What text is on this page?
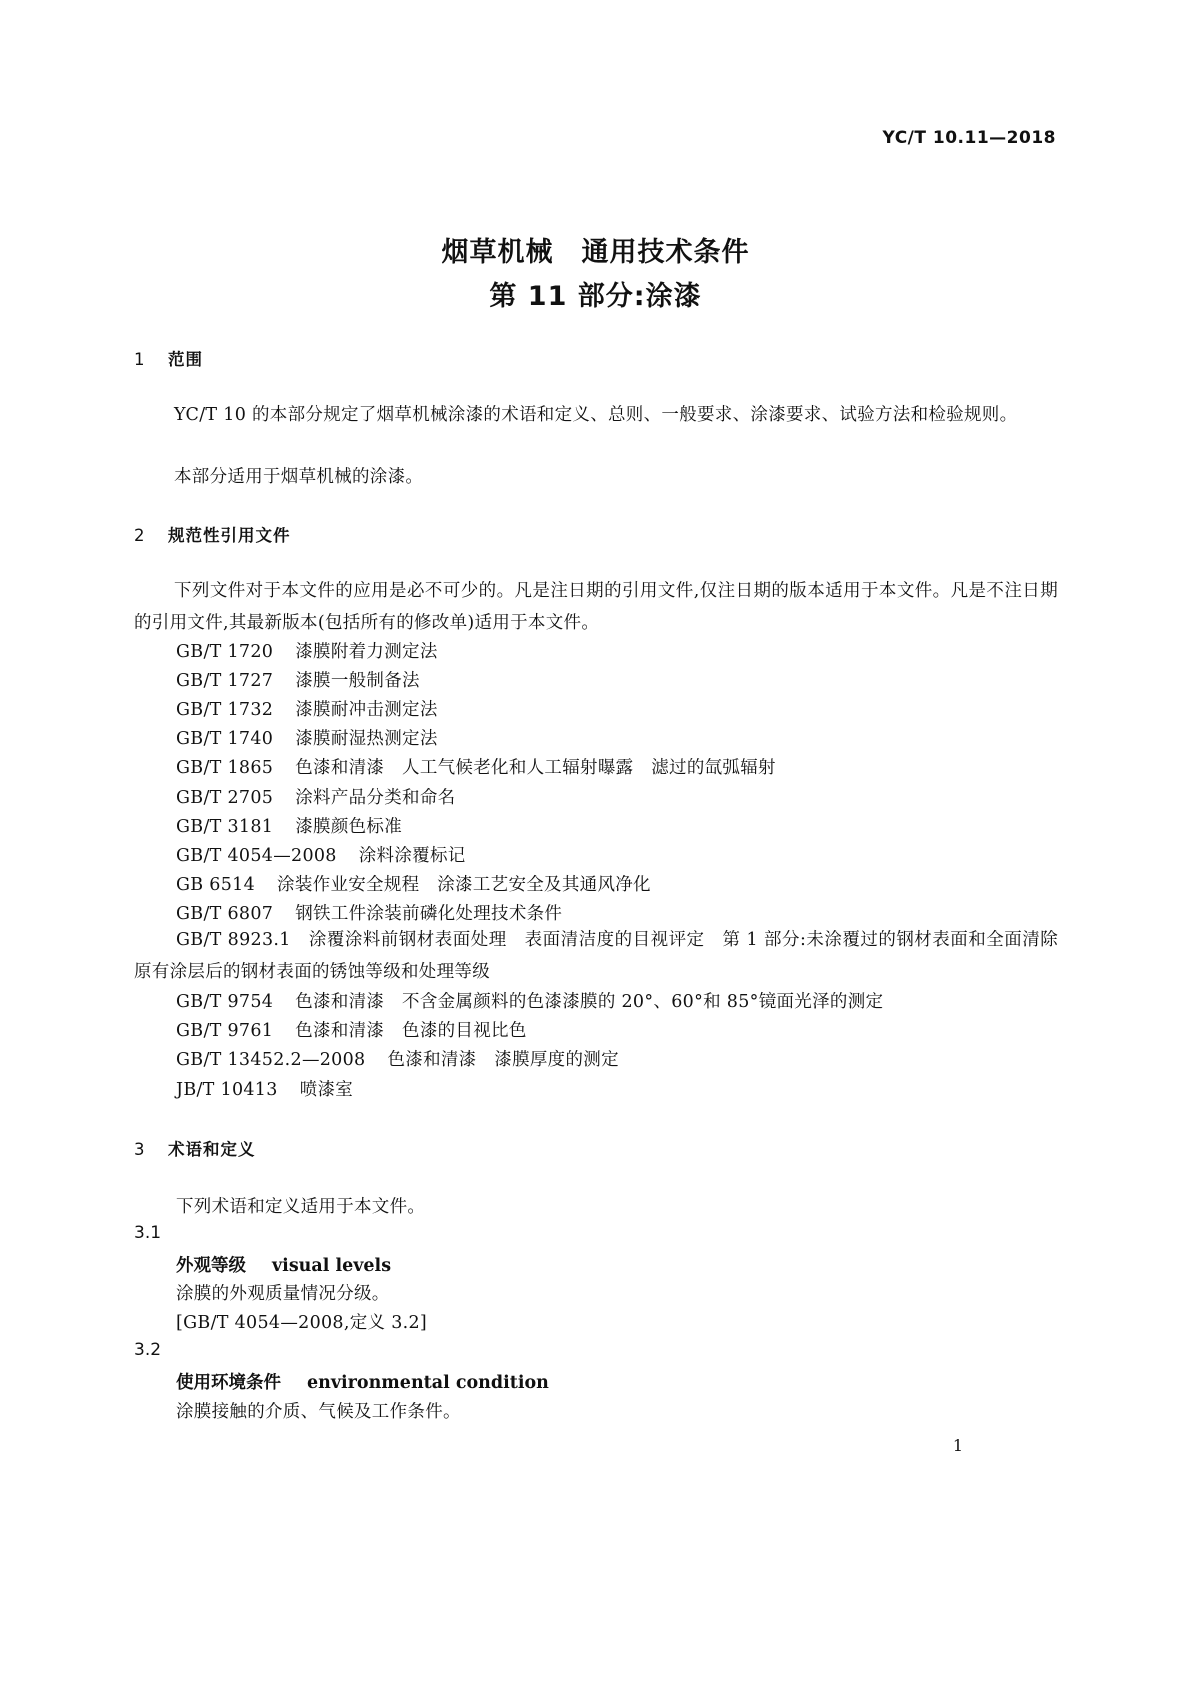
YC/T 10.11—2018
烟草机械　通用技术条件
第 11 部分:涂漆
1 范围
YC/T 10 的本部分规定了烟草机械涂漆的术语和定义、总则、一般要求、涂漆要求、试验方法和检验规则。
本部分适用于烟草机械的涂漆。
2 规范性引用文件
下列文件对于本文件的应用是必不可少的。凡是注日期的引用文件,仅注日期的版本适用于本文件。凡是不注日期的引用文件,其最新版本(包括所有的修改单)适用于本文件。
GB/T 1720 漆膜附着力测定法
GB/T 1727 漆膜一般制备法
GB/T 1732 漆膜耐冲击测定法
GB/T 1740 漆膜耐湿热测定法
GB/T 1865 色漆和清漆　人工气候老化和人工辐射曝露　滤过的氙弧辐射
GB/T 2705 涂料产品分类和命名
GB/T 3181 漆膜颜色标准
GB/T 4054—2008 涂料涂覆标记
GB 6514 涂装作业安全规程　涂漆工艺安全及其通风净化
GB/T 6807 钢铁工件涂装前磷化处理技术条件
GB/T 8923.1　涂覆涂料前钢材表面处理　表面清洁度的目视评定　第 1 部分:未涂覆过的钢材表面和全面清除原有涂层后的钢材表面的锈蚀等级和处理等级
GB/T 9754 色漆和清漆　不含金属颜料的色漆漆膜的 20°、60°和 85°镜面光泽的测定
GB/T 9761 色漆和清漆　色漆的目视比色
GB/T 13452.2—2008 色漆和清漆　漆膜厚度的测定
JB/T 10413 喷漆室
3 术语和定义
下列术语和定义适用于本文件。
3.1
外观等级 visual levels
涂膜的外观质量情况分级。
[GB/T 4054—2008,定义 3.2]
3.2
使用环境条件 environmental condition
涂膜接触的介质、气候及工作条件。
1
